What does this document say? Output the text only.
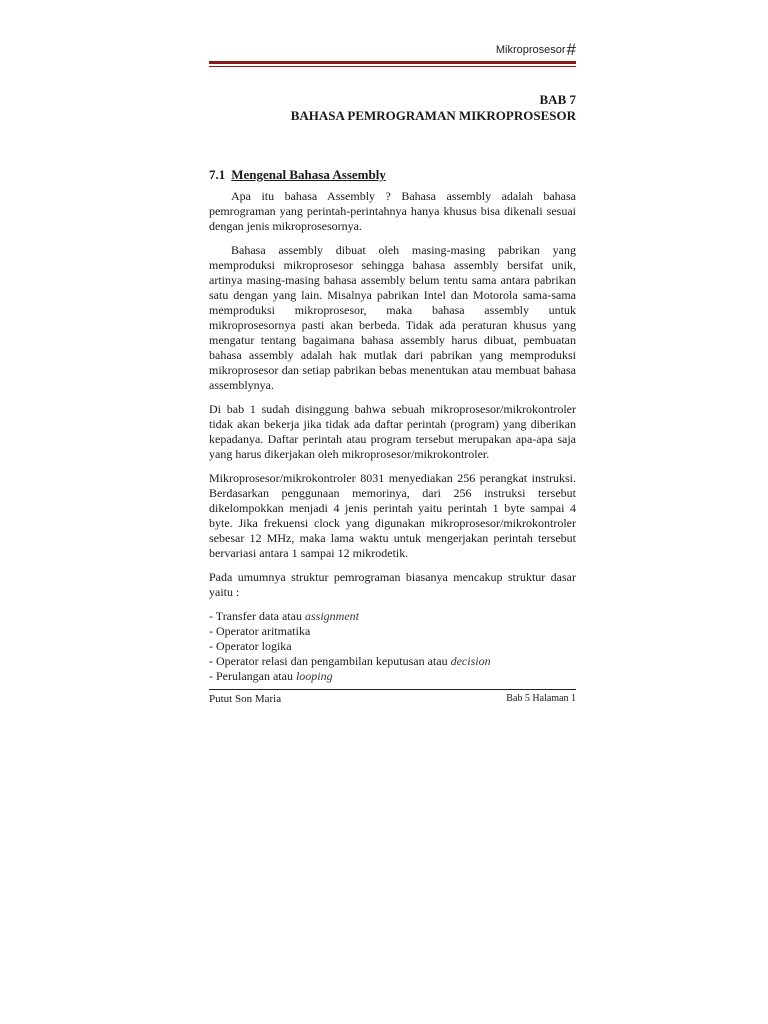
Mikroprosesor#
BAB 7
BAHASA PEMROGRAMAN MIKROPROSESOR
7.1 Mengenal Bahasa Assembly

Apa itu bahasa Assembly ? Bahasa assembly adalah bahasa pemrograman yang perintah-perintahnya hanya khusus bisa dikenali sesuai dengan jenis mikroprosesornya.

Bahasa assembly dibuat oleh masing-masing pabrikan yang memproduksi mikroprosesor sehingga bahasa assembly bersifat unik, artinya masing-masing bahasa assembly belum tentu sama antara pabrikan satu dengan yang lain. Misalnya pabrikan Intel dan Motorola sama-sama memproduksi mikroprosesor, maka bahasa assembly untuk mikroprosesornya pasti akan berbeda. Tidak ada peraturan khusus yang mengatur tentang bagaimana bahasa assembly harus dibuat, pembuatan bahasa assembly adalah hak mutlak dari pabrikan yang memproduksi mikroprosesor dan setiap pabrikan bebas menentukan atau membuat bahasa assemblynya.

Di bab 1 sudah disinggung bahwa sebuah mikroprosesor/mikrokontroler tidak akan bekerja jika tidak ada daftar perintah (program) yang diberikan kepadanya. Daftar perintah atau program tersebut merupakan apa-apa saja yang harus dikerjakan oleh mikroprosesor/mikrokontroler.

Mikroprosesor/mikrokontroler 8031 menyediakan 256 perangkat instruksi. Berdasarkan penggunaan memorinya, dari 256 instruksi tersebut dikelompokkan menjadi 4 jenis perintah yaitu perintah 1 byte sampai 4 byte. Jika frekuensi clock yang digunakan mikroprosesor/mikrokontroler sebesar 12 MHz, maka lama waktu untuk mengerjakan perintah tersebut bervariasi antara 1 sampai 12 mikrodetik.

Pada umumnya struktur pemrograman biasanya mencakup struktur dasar yaitu :

- Transfer data atau assignment
- Operator aritmatika
- Operator logika
- Operator relasi dan pengambilan keputusan atau decision
- Perulangan atau looping
Putut Son Maria	Bab 5 Halaman 1
